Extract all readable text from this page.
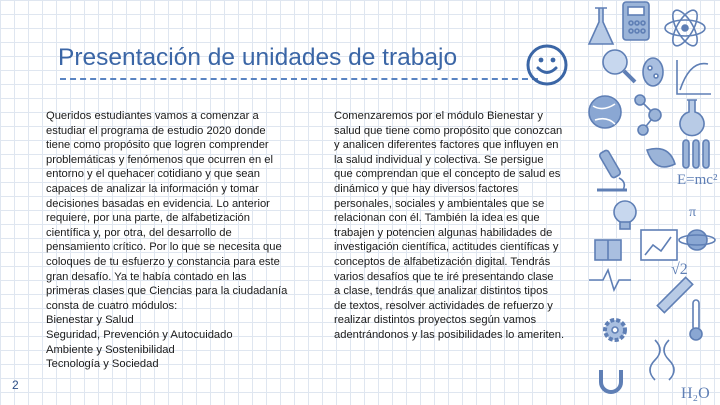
Presentación de unidades de trabajo
Queridos estudiantes vamos a comenzar a
estudiar el programa de estudio 2020 donde
tiene como propósito que logren comprender
problemáticas y fenómenos que ocurren en el
entorno y el quehacer cotidiano y que sean
capaces de analizar la información y tomar
decisiones basadas en evidencia. Lo anterior
requiere, por una parte, de alfabetización
científica y, por otra, del desarrollo de
pensamiento crítico. Por lo que se necesita que
coloques de tu esfuerzo y constancia para este
gran desafío. Ya te había contado en las
primeras clases que Ciencias para la ciudadanía
consta de cuatro módulos:
Bienestar y Salud
Seguridad, Prevención y Autocuidado
Ambiente y Sostenibilidad
Tecnología y Sociedad
Comenzaremos por el módulo Bienestar y
salud que tiene como propósito que conozcan
y analicen diferentes factores que influyen en
la salud individual y colectiva. Se persigue
que comprendan que el concepto de salud es
dinámico y que hay diversos factores
personales, sociales y ambientales que se
relacionan con él. También la idea es que
trabajen y potencien algunas habilidades de
investigación científica, actitudes científicas y
conceptos de alfabetización digital. Tendrás
varios desafíos que te iré presentando clase
a clase, tendrás que analizar distintos tipos
de textos, resolver actividades de refuerzo y
realizar distintos proyectos según vamos
adentrándonos y las posibilidades lo ameriten.
2
E=mc²
√2
H₂O
π
